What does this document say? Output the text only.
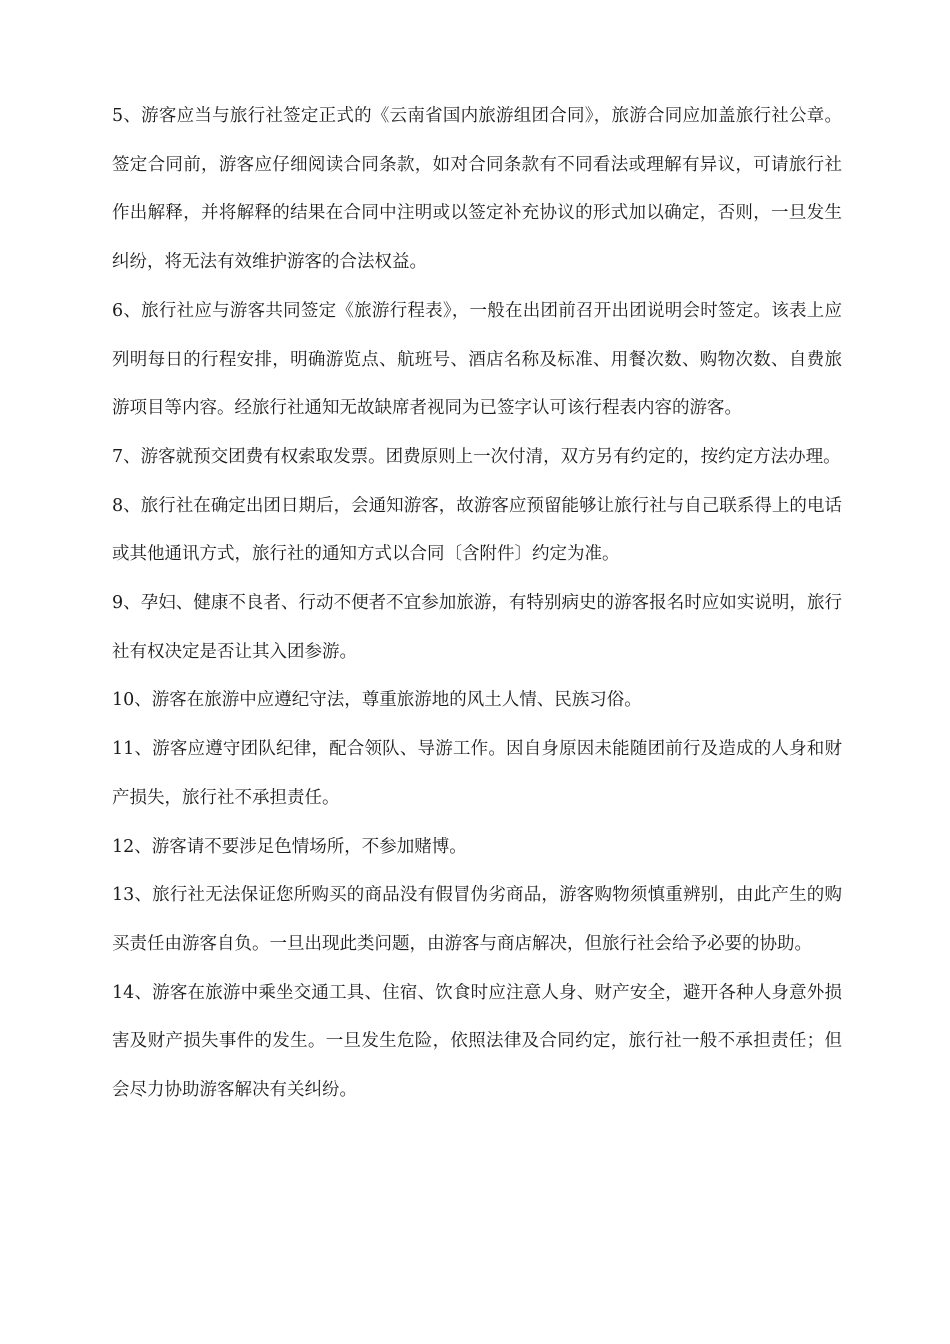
5、游客应当与旅行社签定正式的《云南省国内旅游组团合同》，旅游合同应加盖旅行社公章。签定合同前，游客应仔细阅读合同条款，如对合同条款有不同看法或理解有异议，可请旅行社作出解释，并将解释的结果在合同中注明或以签定补充协议的形式加以确定，否则，一旦发生纠纷，将无法有效维护游客的合法权益。

6、旅行社应与游客共同签定《旅游行程表》，一般在出团前召开出团说明会时签定。该表上应列明每日的行程安排，明确游览点、航班号、酒店名称及标准、用餐次数、购物次数、自费旅游项目等内容。经旅行社通知无故缺席者视同为已签字认可该行程表内容的游客。

7、游客就预交团费有权索取发票。团费原则上一次付清，双方另有约定的，按约定方法办理。

8、旅行社在确定出团日期后，会通知游客，故游客应预留能够让旅行社与自己联系得上的电话或其他通讯方式，旅行社的通知方式以合同〔含附件〕约定为准。

9、孕妇、健康不良者、行动不便者不宜参加旅游，有特别病史的游客报名时应如实说明，旅行社有权决定是否让其入团参游。

10、游客在旅游中应遵纪守法，尊重旅游地的风土人情、民族习俗。

11、游客应遵守团队纪律，配合领队、导游工作。因自身原因未能随团前行及造成的人身和财产损失，旅行社不承担责任。

12、游客请不要涉足色情场所，不参加赌博。

13、旅行社无法保证您所购买的商品没有假冒伪劣商品，游客购物须慎重辨别，由此产生的购买责任由游客自负。一旦出现此类问题，由游客与商店解决，但旅行社会给予必要的协助。

14、游客在旅游中乘坐交通工具、住宿、饮食时应注意人身、财产安全，避开各种人身意外损害及财产损失事件的发生。一旦发生危险，依照法律及合同约定，旅行社一般不承担责任；但会尽力协助游客解决有关纠纷。
